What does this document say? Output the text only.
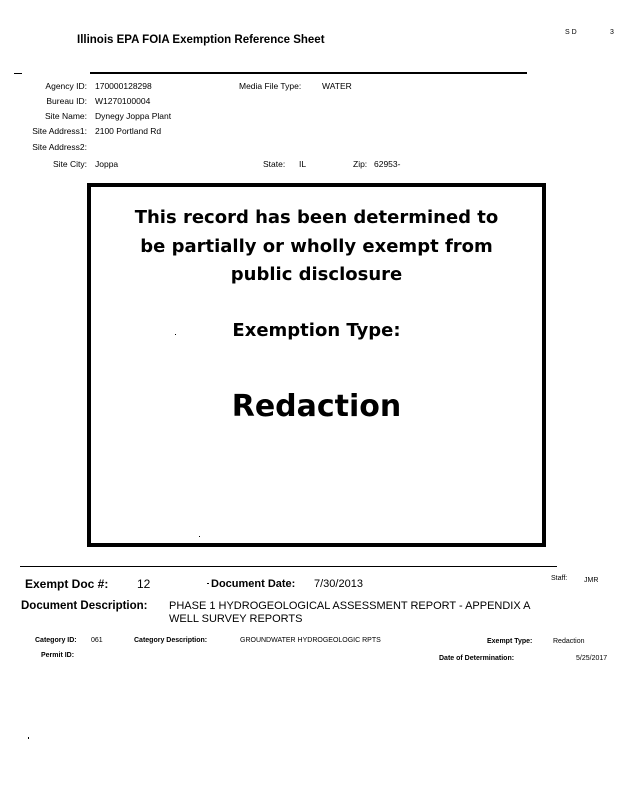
Illinois EPA FOIA Exemption Reference Sheet
S D	3
Agency ID: 170000128298	Media File Type: WATER
Bureau ID: W1270100004
Site Name: Dynegy Joppa Plant
Site Address1: 2100 Portland Rd
Site Address2:
Site City: Joppa	State: IL	Zip: 62953-
This record has been determined to
be partially or wholly exempt from
public disclosure
Exemption Type:
Redaction
Exempt Doc #: 12	Document Date: 7/30/2013	Staff: JMR
Document Description: PHASE 1 HYDROGEOLOGICAL ASSESSMENT REPORT - APPENDIX A
WELL SURVEY REPORTS
Category ID: 061	Category Description:	GROUNDWATER HYDROGEOLOGIC RPTS	Exempt Type:	Redaction
Permit ID:	Date of Determination:	5/25/2017
